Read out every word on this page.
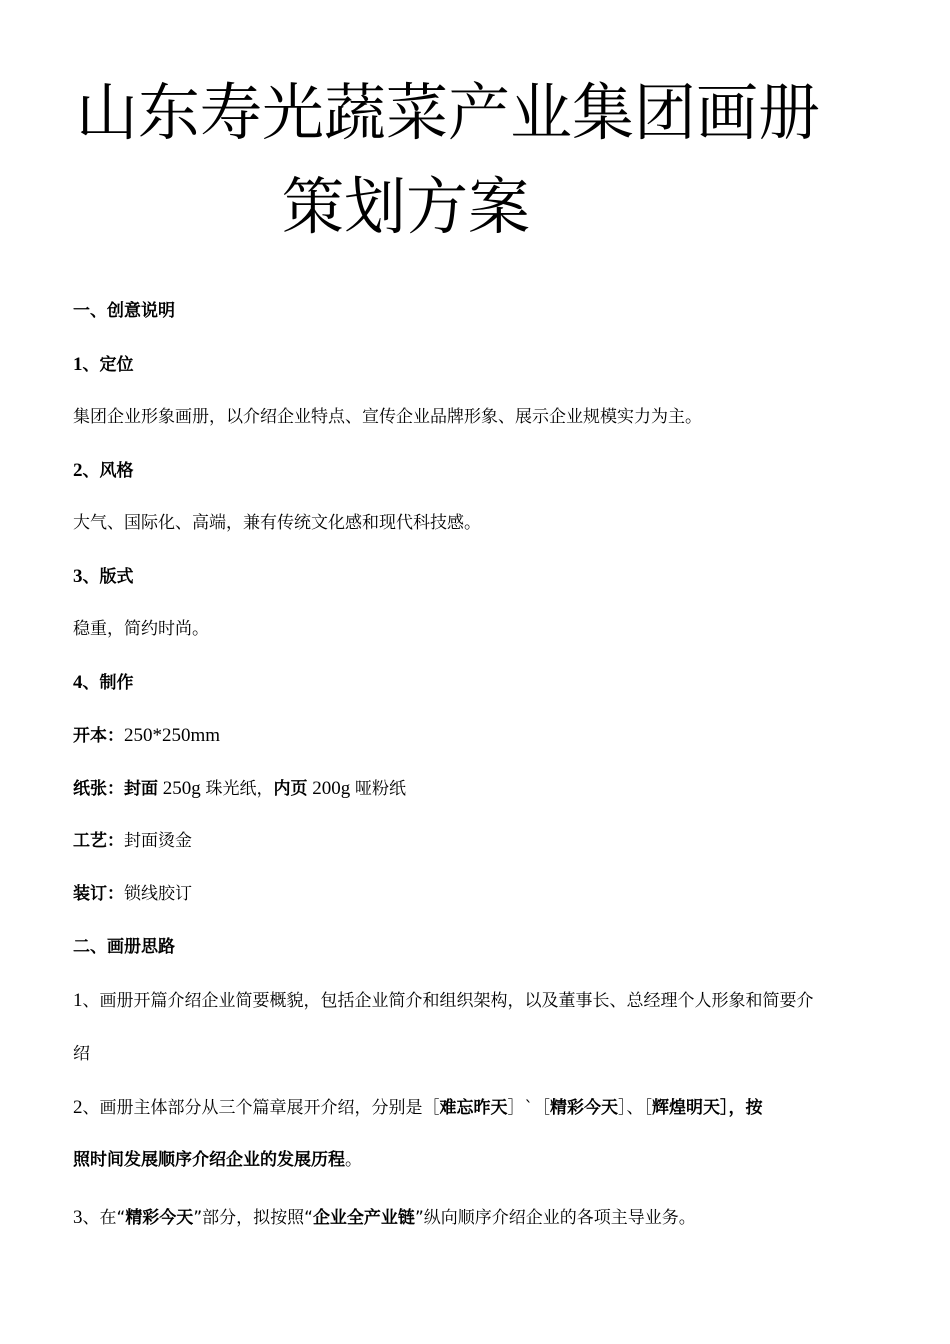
山东寿光蔬菜产业集团画册
策划方案
一、创意说明
1、定位
集团企业形象画册，以介绍企业特点、宣传企业品牌形象、展示企业规模实力为主。
2、风格
大气、国际化、高端，兼有传统文化感和现代科技感。
3、版式
稳重，简约时尚。
4、制作
开本：250*250mm
纸张：封面 250g 珠光纸，内页 200g 哑粉纸
工艺：封面烫金
装订：锁线胶订
二、画册思路
1、画册开篇介绍企业简要概貌，包括企业简介和组织架构，以及董事长、总经理个人形象和简要介
绍
2、画册主体部分从三个篇章展开介绍，分别是［难忘昨天］`［精彩今天］、［辉煌明天］，按
照时间发展顺序介绍企业的发展历程。
3、在“精彩今天”部分，拟按照“企业全产业链”纵向顺序介绍企业的各项主导业务。
